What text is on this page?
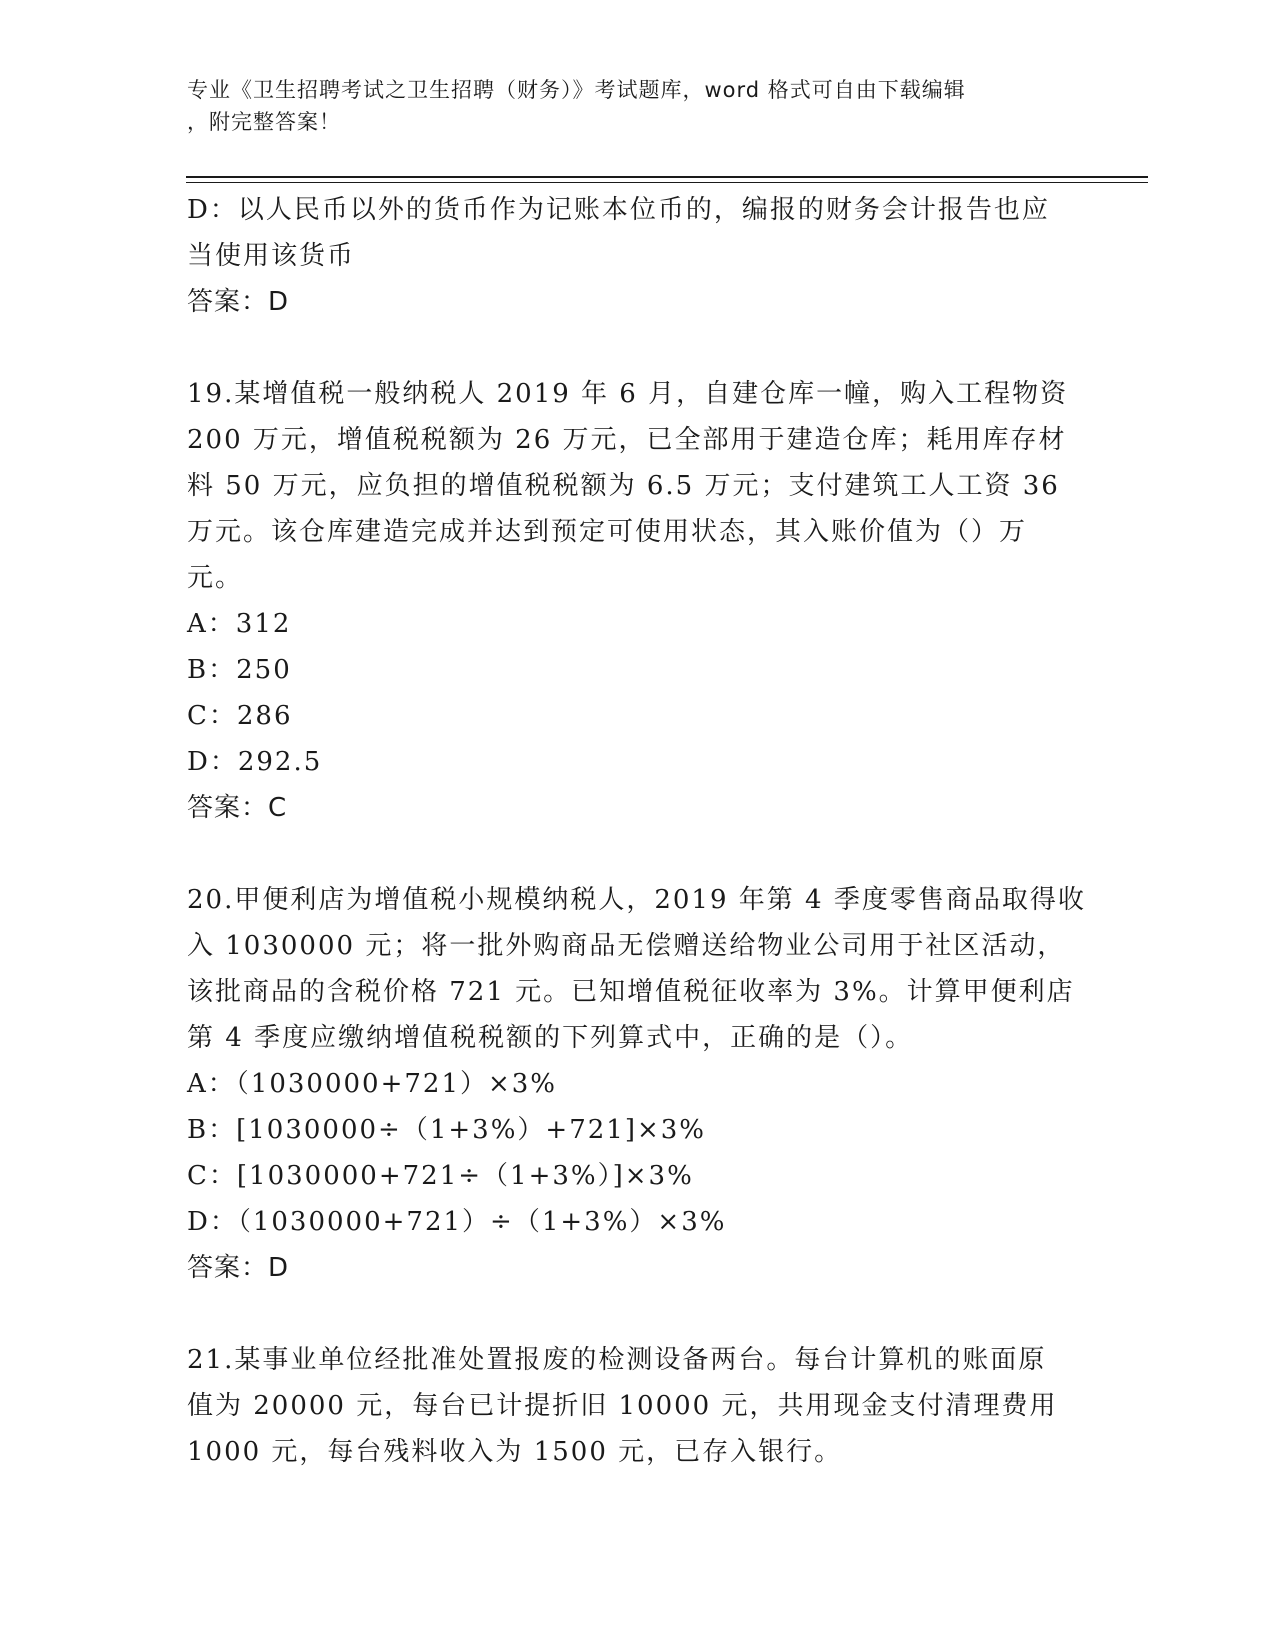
专业《卫生招聘考试之卫生招聘（财务）》考试题库，word 格式可自由下载编辑
，附完整答案！
D：以人民币以外的货币作为记账本位币的，编报的财务会计报告也应
当使用该货币
答案：D
19.某增值税一般纳税人 2019 年 6 月，自建仓库一幢，购入工程物资
200 万元，增值税税额为 26 万元，已全部用于建造仓库；耗用库存材
料 50 万元，应负担的增值税税额为 6.5 万元；支付建筑工人工资 36
万元。该仓库建造完成并达到预定可使用状态，其入账价值为（）万
元。
A：312
B：250
C：286
D：292.5
答案：C
20.甲便利店为增值税小规模纳税人，2019 年第 4 季度零售商品取得收
入 1030000 元；将一批外购商品无偿赠送给物业公司用于社区活动，
该批商品的含税价格 721 元。已知增值税征收率为 3%。计算甲便利店
第 4 季度应缴纳增值税税额的下列算式中，正确的是（）。
A：（1030000+721）×3%
B：[1030000÷（1+3%）+721]×3%
C：[1030000+721÷（1+3%）]×3%
D：（1030000+721）÷（1+3%）×3%
答案：D
21.某事业单位经批准处置报废的检测设备两台。每台计算机的账面原
值为 20000 元，每台已计提折旧 10000 元，共用现金支付清理费用
1000 元，每台残料收入为 1500 元，已存入银行。
